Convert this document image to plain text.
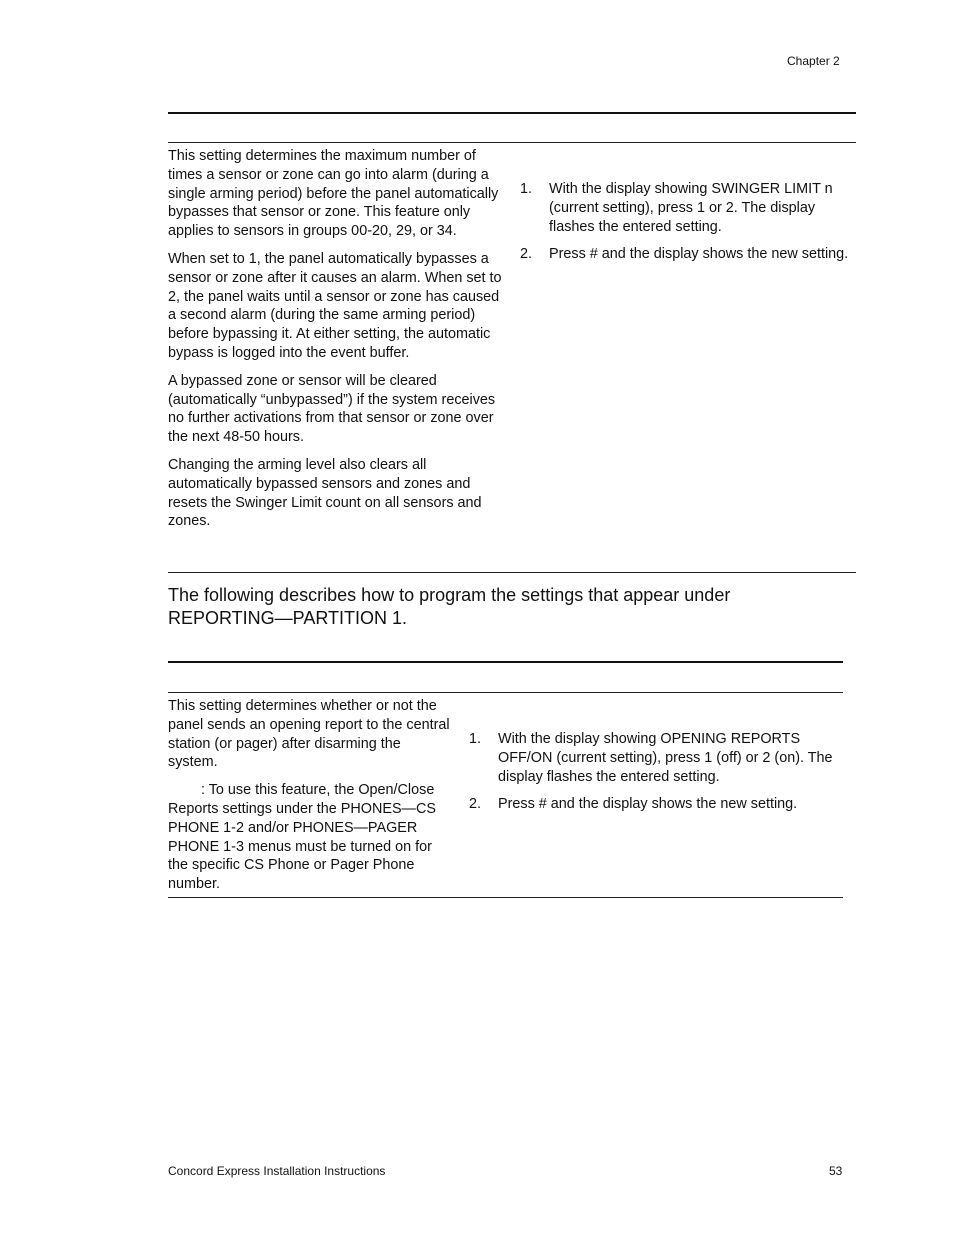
Chapter 2

This setting determines the maximum number of times a sensor or zone can go into alarm (during a single arming period) before the panel automatically bypasses that sensor or zone. This feature only applies to sensors in groups 00-20, 29, or 34.

When set to 1, the panel automatically bypasses a sensor or zone after it causes an alarm. When set to 2, the panel waits until a sensor or zone has caused a second alarm (during the same arming period) before bypassing it. At either setting, the automatic bypass is logged into the event buffer.

A bypassed zone or sensor will be cleared (automatically “unbypassed”) if the system receives no further activations from that sensor or zone over the next 48-50 hours.

Changing the arming level also clears all automatically bypassed sensors and zones and resets the Swinger Limit count on all sensors and zones.

1. With the display showing SWINGER LIMIT n (current setting), press 1 or 2. The display flashes the entered setting.
2. Press # and the display shows the new setting.
The following describes how to program the settings that appear under REPORTING—PARTITION 1.

This setting determines whether or not the panel sends an opening report to the central station (or pager) after disarming the system.

: To use this feature, the Open/Close Reports settings under the PHONES—CS PHONE 1-2 and/or PHONES—PAGER PHONE 1-3 menus must be turned on for the specific CS Phone or Pager Phone number.

1. With the display showing OPENING REPORTS OFF/ON (current setting), press 1 (off) or 2 (on). The display flashes the entered setting.
2. Press # and the display shows the new setting.
Concord Express Installation Instructions	53
